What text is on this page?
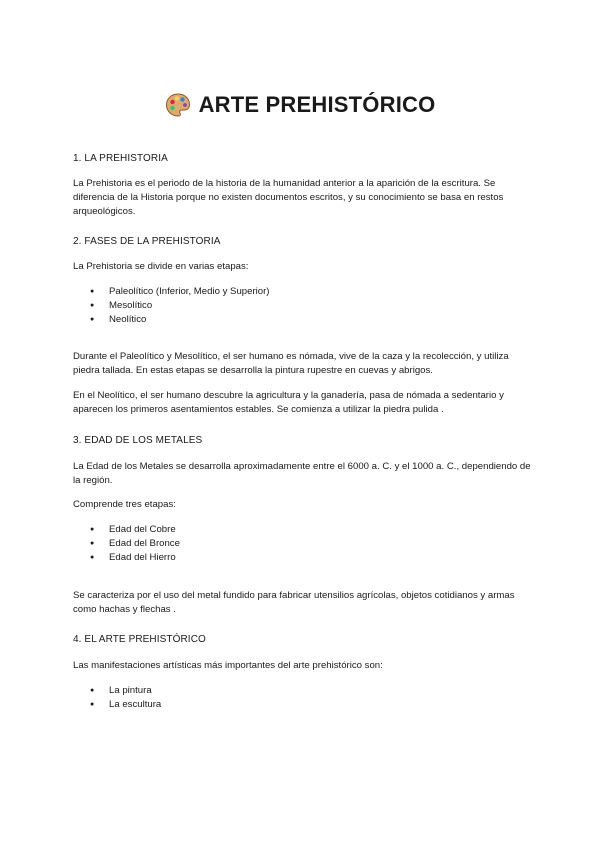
ARTE PREHISTÓRICO
1. LA PREHISTORIA
La Prehistoria es el periodo de la historia de la humanidad anterior a la aparición de la escritura. Se diferencia de la Historia porque no existen documentos escritos, y su conocimiento se basa en restos arqueológicos.
2. FASES DE LA PREHISTORIA
La Prehistoria se divide en varias etapas:
● Paleolítico (Inferior, Medio y Superior)
● Mesolítico
● Neolítico
Durante el Paleolítico y Mesolítico, el ser humano es nómada, vive de la caza y la recolección, y utiliza piedra tallada. En estas etapas se desarrolla la pintura rupestre en cuevas y abrigos.
En el Neolítico, el ser humano descubre la agricultura y la ganadería, pasa de nómada a sedentario y aparecen los primeros asentamientos estables. Se comienza a utilizar la piedra pulida .
3. EDAD DE LOS METALES
La Edad de los Metales se desarrolla aproximadamente entre el 6000 a. C. y el 1000 a. C., dependiendo de la región.
Comprende tres etapas:
● Edad del Cobre
● Edad del Bronce
● Edad del Hierro
Se caracteriza por el uso del metal fundido para fabricar utensilios agrícolas, objetos cotidianos y armas como hachas y flechas .
4. EL ARTE PREHISTÓRICO
Las manifestaciones artísticas más importantes del arte prehistórico son:
● La pintura
● La escultura
